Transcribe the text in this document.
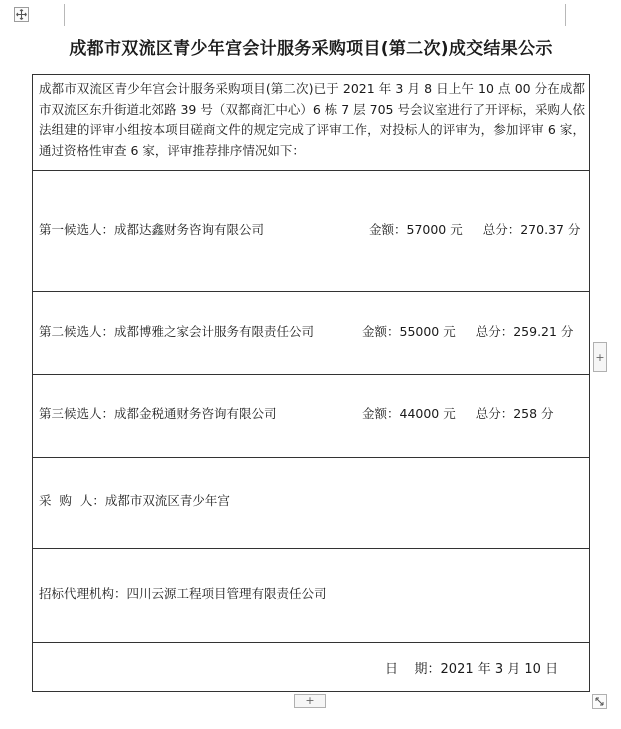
成都市双流区青少年宫会计服务采购项目(第二次)成交结果公示
成都市双流区青少年宫会计服务采购项目(第二次)已于 2021 年 3 月 8 日上午 10 点 00 分在成都市双流区东升街道北郊路 39 号（双都商汇中心）6 栋 7 层 705 号会议室进行了开评标，采购人依法组建的评审小组按本项目磋商文件的规定完成了评审工作，对投标人的评审为，参加评审 6 家，通过资格性审查 6 家，评审推荐排序情况如下：
第一候选人：成都达鑫财务咨询有限公司	金额：57000 元 总分：270.37 分
第二候选人：成都博雅之家会计服务有限责任公司	金额：55000 元 总分：259.21 分
第三候选人：成都金税通财务咨询有限公司	金额：44000 元 总分：258 分
采  购  人：成都市双流区青少年宫
招标代理机构：四川云源工程项目管理有限责任公司
日    期：2021 年 3 月 10 日
+
+
